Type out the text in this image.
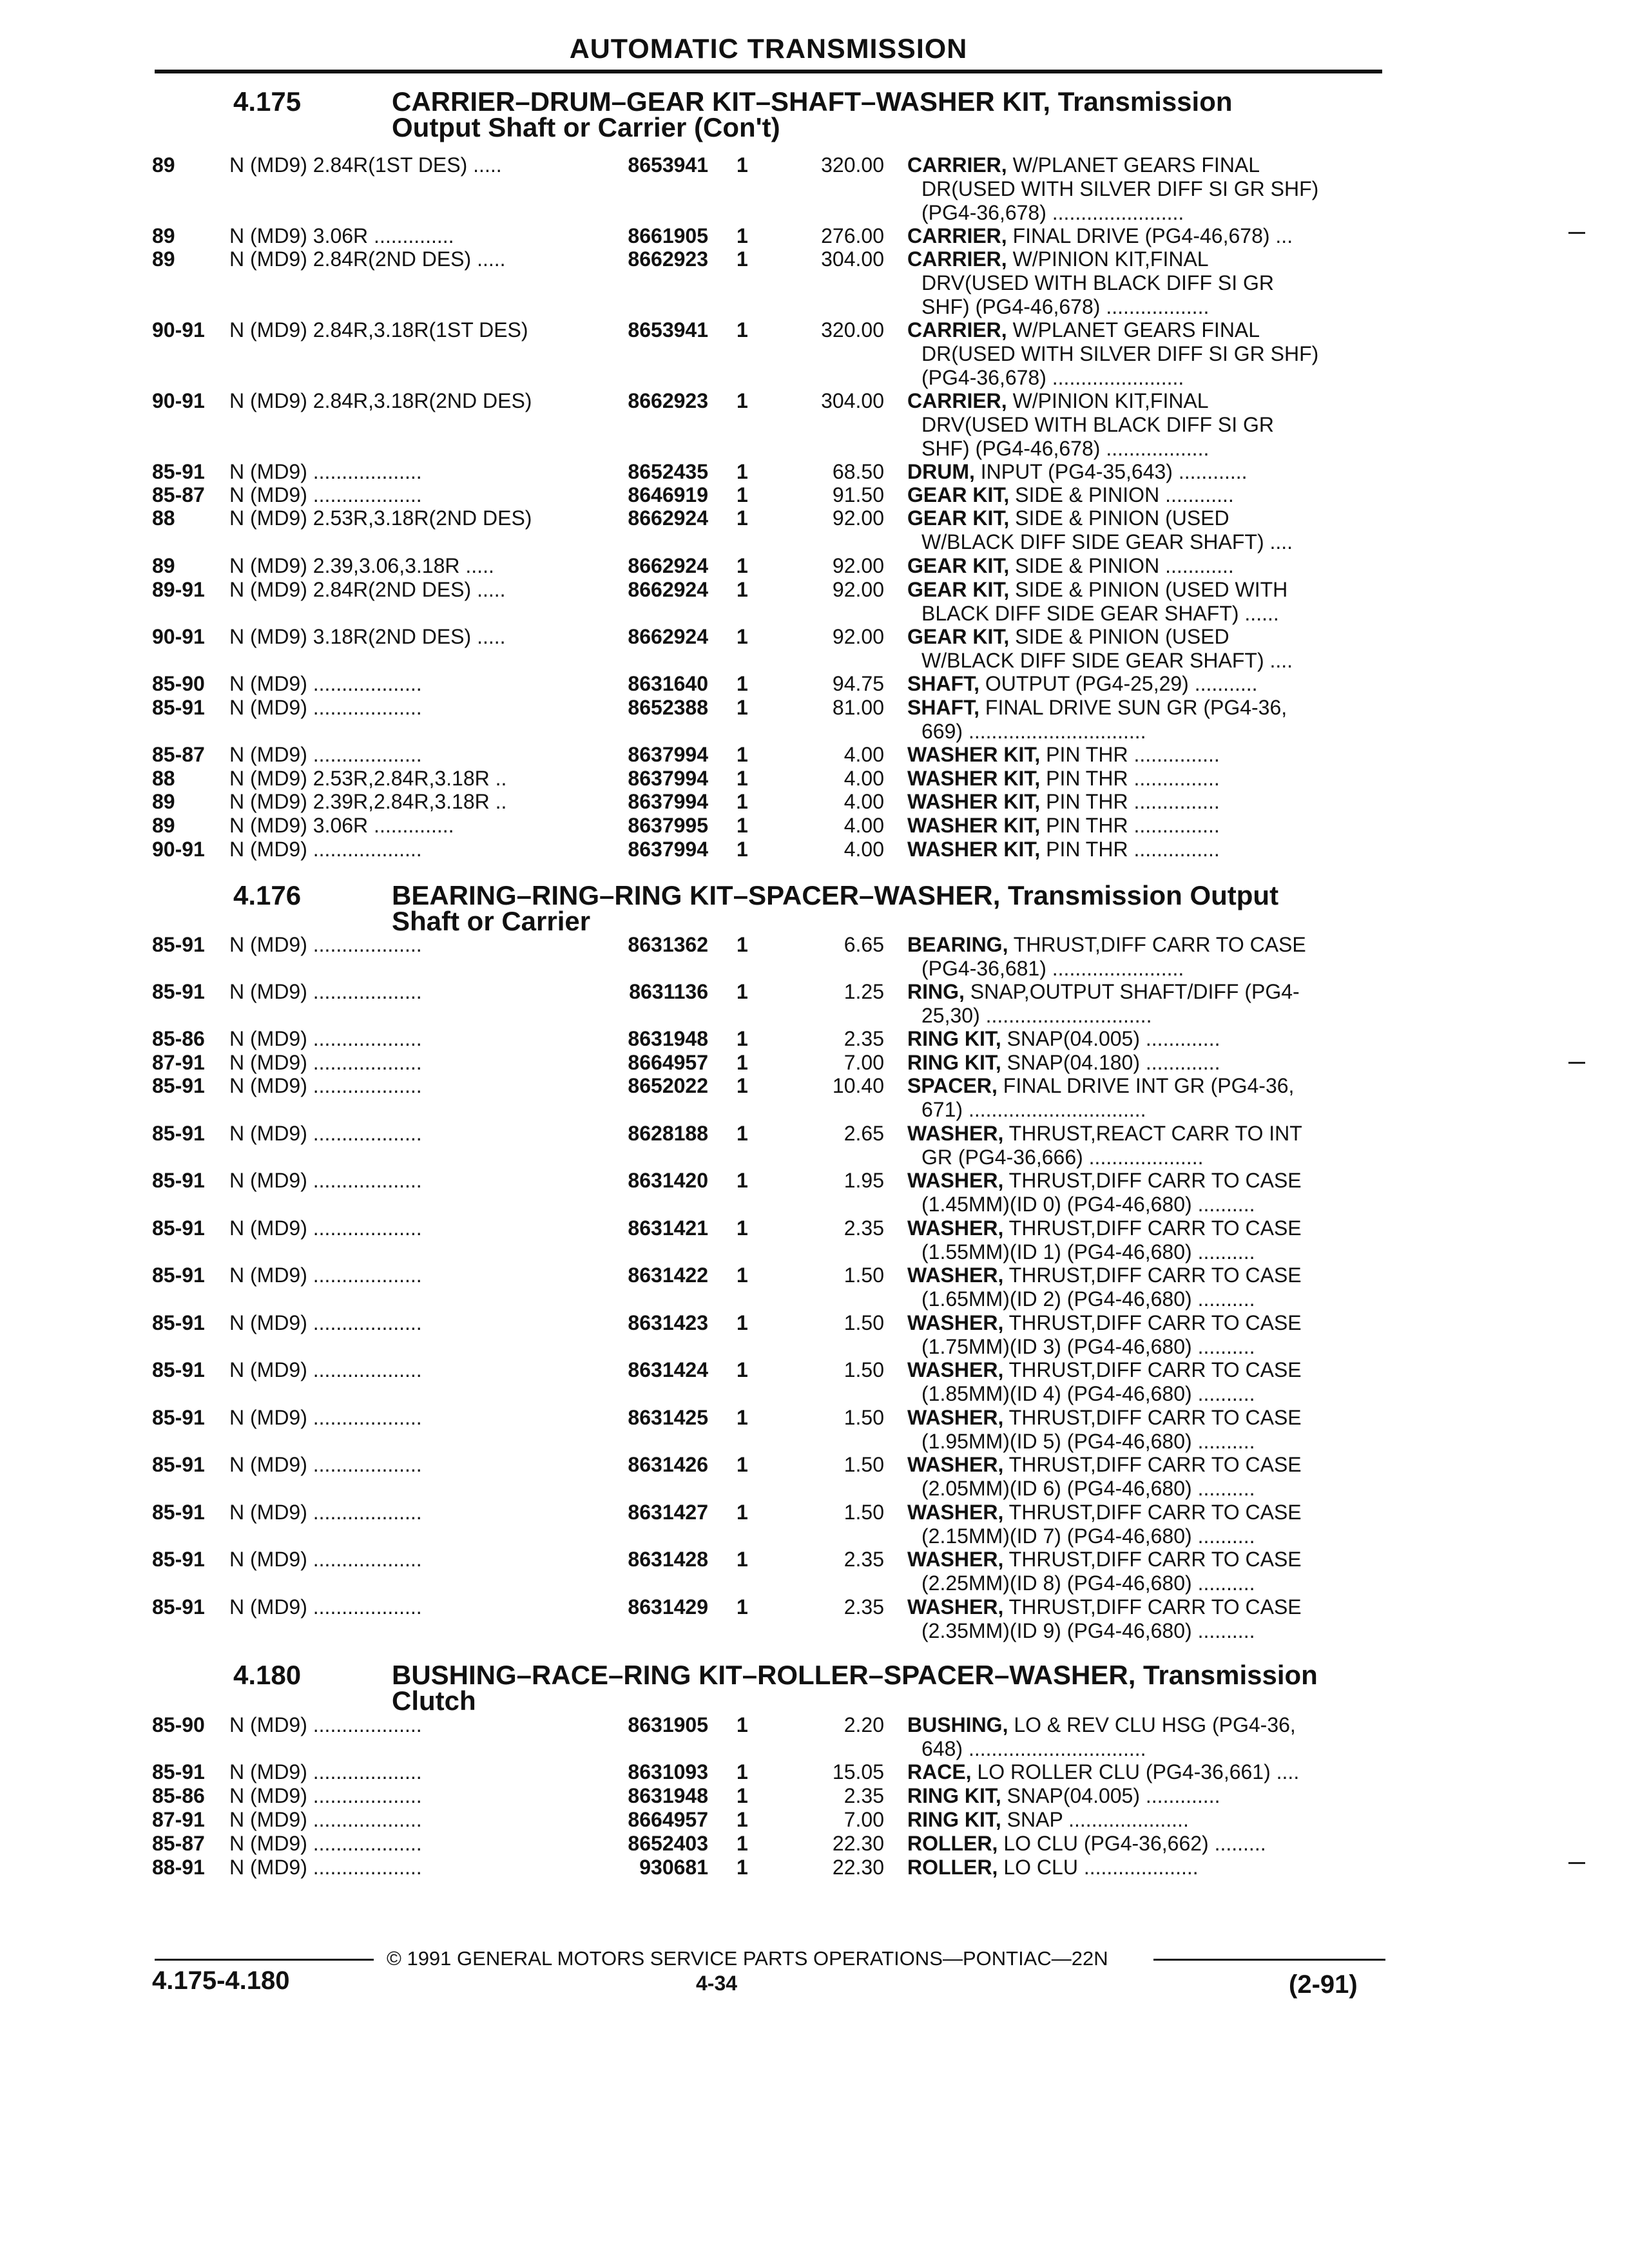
AUTOMATIC TRANSMISSION
4.175	CARRIER–DRUM–GEAR KIT–SHAFT–WASHER KIT, Transmission
Output Shaft or Carrier (Con't)
89	N (MD9) 2.84R(1ST DES) .....	8653941 1	320.00 CARRIER, W/PLANET GEARS FINAL
DR(USED WITH SILVER DIFF SI GR SHF)
(PG4-36,678) .......................
89	N (MD9) 3.06R ..............	8661905 1	276.00 CARRIER, FINAL DRIVE (PG4-46,678) ...
89	N (MD9) 2.84R(2ND DES) .....	8662923 1	304.00 CARRIER, W/PINION KIT,FINAL
DRV(USED WITH BLACK DIFF SI GR
SHF) (PG4-46,678) ..................
90-91 N (MD9) 2.84R,3.18R(1ST DES)	8653941 1	320.00 CARRIER, W/PLANET GEARS FINAL
DR(USED WITH SILVER DIFF SI GR SHF)
(PG4-36,678) .......................
90-91 N (MD9) 2.84R,3.18R(2ND DES)	8662923 1	304.00 CARRIER, W/PINION KIT,FINAL
DRV(USED WITH BLACK DIFF SI GR
SHF) (PG4-46,678) ..................
85-91 N (MD9) ...................	8652435 1	68.50 DRUM, INPUT (PG4-35,643) ............
85-87 N (MD9) ...................	8646919 1	91.50 GEAR KIT, SIDE & PINION ............
88	N (MD9) 2.53R,3.18R(2ND DES)	8662924 1	92.00 GEAR KIT, SIDE & PINION (USED
W/BLACK DIFF SIDE GEAR SHAFT) ....
89	N (MD9) 2.39,3.06,3.18R .....	8662924 1	92.00 GEAR KIT, SIDE & PINION ............
89-91 N (MD9) 2.84R(2ND DES) .....	8662924 1	92.00 GEAR KIT, SIDE & PINION (USED WITH
BLACK DIFF SIDE GEAR SHAFT) ......
90-91 N (MD9) 3.18R(2ND DES) .....	8662924 1	92.00 GEAR KIT, SIDE & PINION (USED
W/BLACK DIFF SIDE GEAR SHAFT) ....
85-90 N (MD9) ...................	8631640 1	94.75 SHAFT, OUTPUT (PG4-25,29) ...........
85-91 N (MD9) ...................	8652388 1	81.00 SHAFT, FINAL DRIVE SUN GR (PG4-36,
669) ...............................
85-87 N (MD9) ...................	8637994 1	4.00 WASHER KIT, PIN THR ...............
88	N (MD9) 2.53R,2.84R,3.18R ..	8637994 1	4.00 WASHER KIT, PIN THR ...............
89	N (MD9) 2.39R,2.84R,3.18R ..	8637994 1	4.00 WASHER KIT, PIN THR ...............
89	N (MD9) 3.06R ..............	8637995 1	4.00 WASHER KIT, PIN THR ...............
90-91 N (MD9) ...................	8637994 1	4.00 WASHER KIT, PIN THR ...............
4.176	BEARING–RING–RING KIT–SPACER–WASHER, Transmission Output
Shaft or Carrier
85-91 N (MD9) ...................	8631362 1	6.65 BEARING, THRUST,DIFF CARR TO CASE
(PG4-36,681) .......................
85-91 N (MD9) ...................	8631136 1	1.25 RING, SNAP,OUTPUT SHAFT/DIFF (PG4-
25,30) .............................
85-86 N (MD9) ...................	8631948 1	2.35 RING KIT, SNAP(04.005) .............
87-91 N (MD9) ...................	8664957 1	7.00 RING KIT, SNAP(04.180) .............
85-91 N (MD9) ...................	8652022 1	10.40 SPACER, FINAL DRIVE INT GR (PG4-36,
671) ...............................
85-91 N (MD9) ...................	8628188 1	2.65 WASHER, THRUST,REACT CARR TO INT
GR (PG4-36,666) ....................
85-91 N (MD9) ...................	8631420 1	1.95 WASHER, THRUST,DIFF CARR TO CASE
(1.45MM)(ID 0) (PG4-46,680) ..........
85-91 N (MD9) ...................	8631421 1	2.35 WASHER, THRUST,DIFF CARR TO CASE
(1.55MM)(ID 1) (PG4-46,680) ..........
85-91 N (MD9) ...................	8631422 1	1.50 WASHER, THRUST,DIFF CARR TO CASE
(1.65MM)(ID 2) (PG4-46,680) ..........
85-91 N (MD9) ...................	8631423 1	1.50 WASHER, THRUST,DIFF CARR TO CASE
(1.75MM)(ID 3) (PG4-46,680) ..........
85-91 N (MD9) ...................	8631424 1	1.50 WASHER, THRUST,DIFF CARR TO CASE
(1.85MM)(ID 4) (PG4-46,680) ..........
85-91 N (MD9) ...................	8631425 1	1.50 WASHER, THRUST,DIFF CARR TO CASE
(1.95MM)(ID 5) (PG4-46,680) ..........
85-91 N (MD9) ...................	8631426 1	1.50 WASHER, THRUST,DIFF CARR TO CASE
(2.05MM)(ID 6) (PG4-46,680) ..........
85-91 N (MD9) ...................	8631427 1	1.50 WASHER, THRUST,DIFF CARR TO CASE
(2.15MM)(ID 7) (PG4-46,680) ..........
85-91 N (MD9) ...................	8631428 1	2.35 WASHER, THRUST,DIFF CARR TO CASE
(2.25MM)(ID 8) (PG4-46,680) ..........
85-91 N (MD9) ...................	8631429 1	2.35 WASHER, THRUST,DIFF CARR TO CASE
(2.35MM)(ID 9) (PG4-46,680) ..........
4.180	BUSHING–RACE–RING KIT–ROLLER–SPACER–WASHER, Transmission
Clutch
85-90 N (MD9) ...................	8631905 1	2.20 BUSHING, LO & REV CLU HSG (PG4-36,
648) ...............................
85-91 N (MD9) ...................	8631093 1	15.05 RACE, LO ROLLER CLU (PG4-36,661) ....
85-86 N (MD9) ...................	8631948 1	2.35 RING KIT, SNAP(04.005) .............
87-91 N (MD9) ...................	8664957 1	7.00 RING KIT, SNAP .....................
85-87 N (MD9) ...................	8652403 1	22.30 ROLLER, LO CLU (PG4-36,662) .........
88-91 N (MD9) ...................	930681 1	22.30 ROLLER, LO CLU ....................
© 1991 GENERAL MOTORS SERVICE PARTS OPERATIONS—PONTIAC—22N
4.175-4.180	4-34	(2-91)
